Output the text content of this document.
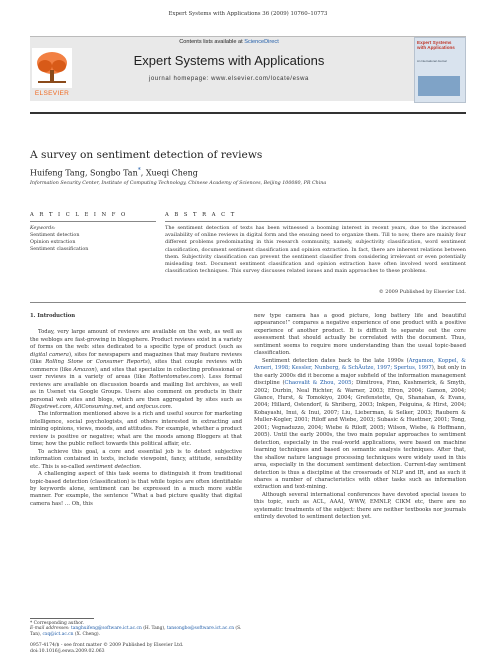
Expert Systems with Applications 36 (2009) 10760–10773
ELSEVIER
Contents lists available at ScienceDirect
Expert Systems with Applications
journal homepage: www.elsevier.com/locate/eswa
Expert Systems with Applications
An International Journal
A survey on sentiment detection of reviews
Huifeng Tang, Songbo Tan*, Xueqi Cheng
Information Security Center, Institute of Computing Technology, Chinese Academy of Sciences, Beijing 100080, PR China
A R T I C L E I N F O
Keywords:
Sentiment detection
Opinion extraction
Sentiment classification
A B S T R A C T
The sentiment detection of texts has been witnessed a booming interest in recent years, due to the increased availability of online reviews in digital form and the ensuing need to organize them. Till to now, there are mainly four different problems predominating in this research community, namely, subjectivity classification, word sentiment classification, document sentiment classification and opinion extraction. In fact, there are inherent relations between them. Subjectivity classification can prevent the sentiment classifier from considering irrelevant or even potentially misleading text. Document sentiment classification and opinion extraction have often involved word sentiment classification techniques. This survey discusses related issues and main approaches to these problems.
© 2009 Published by Elsevier Ltd.

1. Introduction

Today, very large amount of reviews are available on the web, as well as the weblogs are fast-growing in blogsphere. Product reviews exist in a variety of forms on the web: sites dedicated to a specific type of product (such as digital camera), sites for newspapers and magazines that may feature reviews (like Rolling Stone or Consumer Reports), sites that couple reviews with commerce (like Amazon), and sites that specialize in collecting professional or user reviews in a variety of areas (like Rottentomates.com). Less formal reviews are available on discussion boards and mailing list archives, as well as in Usenet via Google Groups. Users also comment on products in their personal web sites and blogs, which are then aggregated by sites such as Blogstreet.com, AllConsuming.net, and onfocus.com.

The information mentioned above is a rich and useful source for marketing intelligence, social psychologists, and others interested in extracting and mining opinions, views, moods, and attitudes. For example, whether a product review is positive or negative; what are the moods among Bloggers at that time; how the public reflect towards this political affair, etc.

To achieve this goal, a core and essential job is to detect subjective information contained in texts, include viewpoint, fancy, attitude, sensibility etc. This is so-called sentiment detection.

A challenging aspect of this task seems to distinguish it from traditional topic-based detection (classification) is that while topics are often identifiable by keywords alone, sentiment can be expressed in a much more subtle manner. For example, the sentence “What a bad picture quality that digital camera has! … Oh, this

new type camera has a good picture, long battery life and beautiful appearance!” compares a negative experience of one product with a positive experience of another product. It is difficult to separate out the core assessment that should actually be correlated with the document. Thus, sentiment seems to require more understanding than the usual topic-based classification.

Sentiment detection dates back to the late 1990s (Argamon, Koppel, & Avneri, 1998; Kessler, Nunberg, & SchÄutze, 1997; Spertus, 1997), but only in the early 2000s did it become a major subfield of the information management discipline (Chaovalit & Zhou, 2005; Dimitrova, Finn, Kushmerick, & Smyth, 2002; Durbin, Neal Richter, & Warner, 2003; Efron, 2004; Gamon, 2004; Glance, Hurst, & Tomokiyo, 2004; Grefenstette, Qu, Shanahan, & Evans, 2004; Hillard, Ostendorf, & Shriberg, 2003; Inkpen, Feiguina, & Hirst, 2004; Kobayashi, Inui, & Inui, 2007; Liu, Lieberman, & Selker, 2003; Raubern & Muller-Kogler, 2001; Riloff and Wiebe, 2003; Subasic & Huettner, 2001; Tong, 2001; Vegnaduzzo, 2004; Wiebe & Riloff, 2005; Wilson, Wiebe, & Hoffmann, 2005). Until the early 2000s, the two main popular approaches to sentiment detection, especially in the real-world applications, were based on machine learning techniques and based on semantic analysis techniques. After that, the shallow nature language processing techniques were widely used in this area, especially in the document sentiment detection. Current-day sentiment detection is thus a discipline at the crossroads of NLP and IR, and as such it shares a number of characteristics with other tasks such as information extraction and text-mining.

Although several international conferences have devoted special issues to this topic, such as ACL, AAAI, WWW, EMNLP, CIKM etc, there are no systematic treatments of the subject: there are neither textbooks nor journals entirely devoted to sentiment detection yet.

* Corresponding author.
E-mail addresses: tanghuifeng@software.ict.ac.cn (H. Tang), tansongbo@software.ict.ac.cn (S. Tan), cxq@ict.ac.cn (X. Cheng).
0957-4174/$ - see front matter © 2009 Published by Elsevier Ltd.
doi:10.1016/j.eswa.2009.02.063
